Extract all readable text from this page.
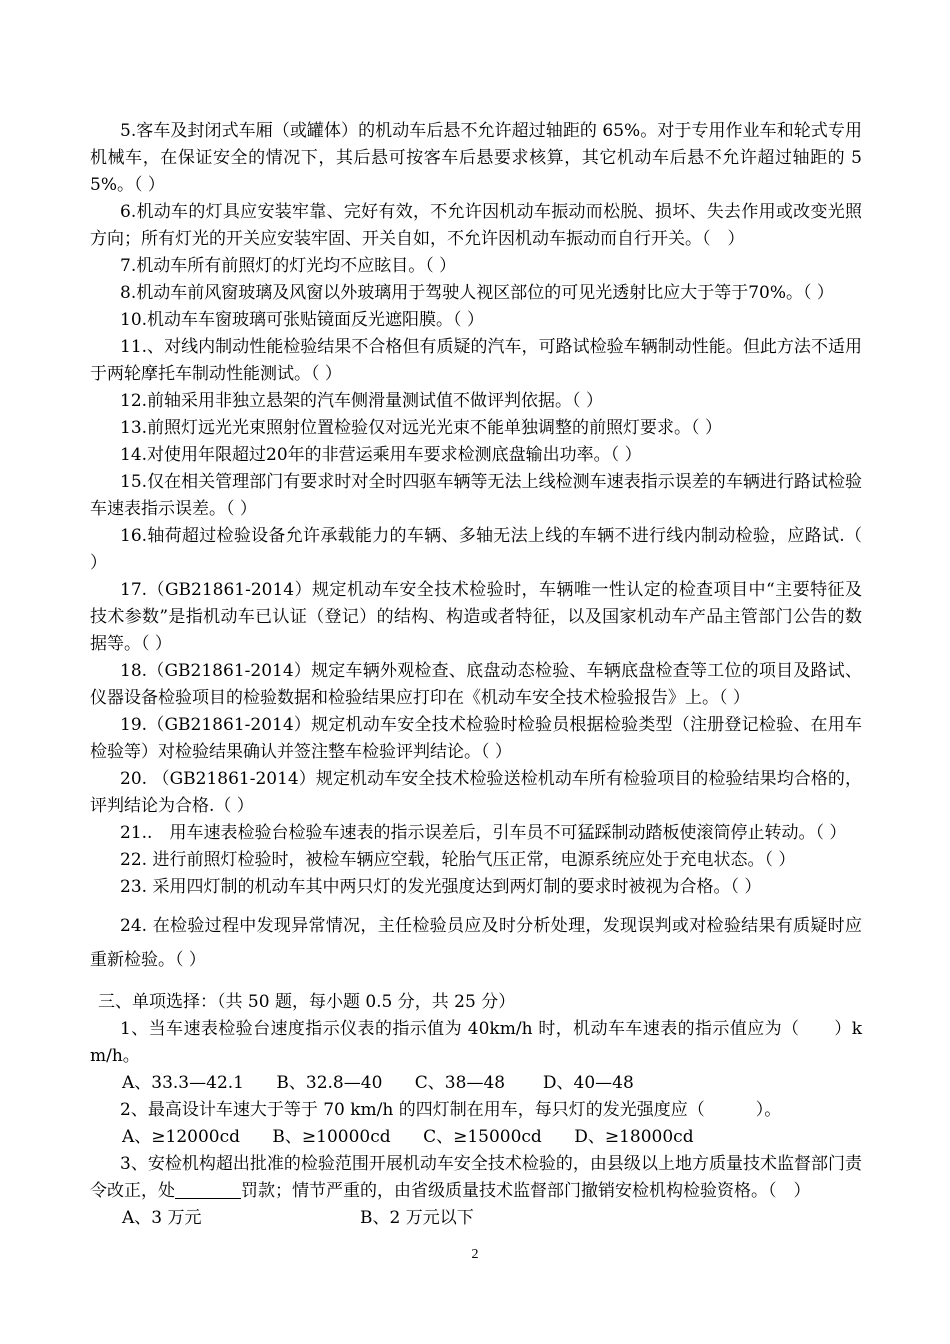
5.客车及封闭式车厢（或罐体）的机动车后悬不允许超过轴距的 65%。对于专用作业车和轮式专用机械车，在保证安全的情况下，其后悬可按客车后悬要求核算，其它机动车后悬不允许超过轴距的 55%。（ ）

6.机动车的灯具应安装牢靠、完好有效，不允许因机动车振动而松脱、损坏、失去作用或改变光照方向；所有灯光的开关应安装牢固、开关自如，不允许因机动车振动而自行开关。（　）

7.机动车所有前照灯的灯光均不应眩目。（ ）

8.机动车前风窗玻璃及风窗以外玻璃用于驾驶人视区部位的可见光透射比应大于等于70%。（ ）

10.机动车车窗玻璃可张贴镜面反光遮阳膜。（ ）

11.、对线内制动性能检验结果不合格但有质疑的汽车，可路试检验车辆制动性能。但此方法不适用于两轮摩托车制动性能测试。（ ）

12.前轴采用非独立悬架的汽车侧滑量测试值不做评判依据。（ ）

13.前照灯远光光束照射位置检验仅对远光光束不能单独调整的前照灯要求。（ ）

14.对使用年限超过20年的非营运乘用车要求检测底盘输出功率。（ ）

15.仅在相关管理部门有要求时对全时四驱车辆等无法上线检测车速表指示误差的车辆进行路试检验车速表指示误差。（ ）

16.轴荷超过检验设备允许承载能力的车辆、多轴无法上线的车辆不进行线内制动检验，应路试.（ ）

17.（GB21861-2014）规定机动车安全技术检验时，车辆唯一性认定的检查项目中“主要特征及技术参数”是指机动车已认证（登记）的结构、构造或者特征，以及国家机动车产品主管部门公告的数据等。（ ）

18.（GB21861-2014）规定车辆外观检查、底盘动态检验、车辆底盘检查等工位的项目及路试、仪器设备检验项目的检验数据和检验结果应打印在《机动车安全技术检验报告》上。（ ）

19.（GB21861-2014）规定机动车安全技术检验时检验员根据检验类型（注册登记检验、在用车检验等）对检验结果确认并签注整车检验评判结论。（ ）

20. （GB21861-2014）规定机动车安全技术检验送检机动车所有检验项目的检验结果均合格的，评判结论为合格.（ ）

21..　用车速表检验台检验车速表的指示误差后，引车员不可猛踩制动踏板使滚筒停止转动。（ ）

22. 进行前照灯检验时，被检车辆应空载，轮胎气压正常，电源系统应处于充电状态。（ ）

23. 采用四灯制的机动车其中两只灯的发光强度达到两灯制的要求时被视为合格。（ ）

24. 在检验过程中发现异常情况，主任检验员应及时分析处理，发现误判或对检验结果有质疑时应重新检验。（ ）

三、单项选择：（共 50 题，每小题 0.5 分，共 25 分）

1、当车速表检验台速度指示仪表的指示值为 40km/h 时，机动车车速表的指示值应为（　　）km/h。

A、33.3—42.1      B、32.8—40      C、38—48       D、40—48

2、最高设计车速大于等于 70 km/h 的四灯制在用车，每只灯的发光强度应（　　　）。

A、≥12000cd      B、≥10000cd      C、≥15000cd      D、≥18000cd

3、安检机构超出批准的检验范围开展机动车安全技术检验的，由县级以上地方质量技术监督部门责令改正，处	罚款；情节严重的，由省级质量技术监督部门撤销安检机构检验资格。（　）

A、3 万元	B、2 万元以下

2
